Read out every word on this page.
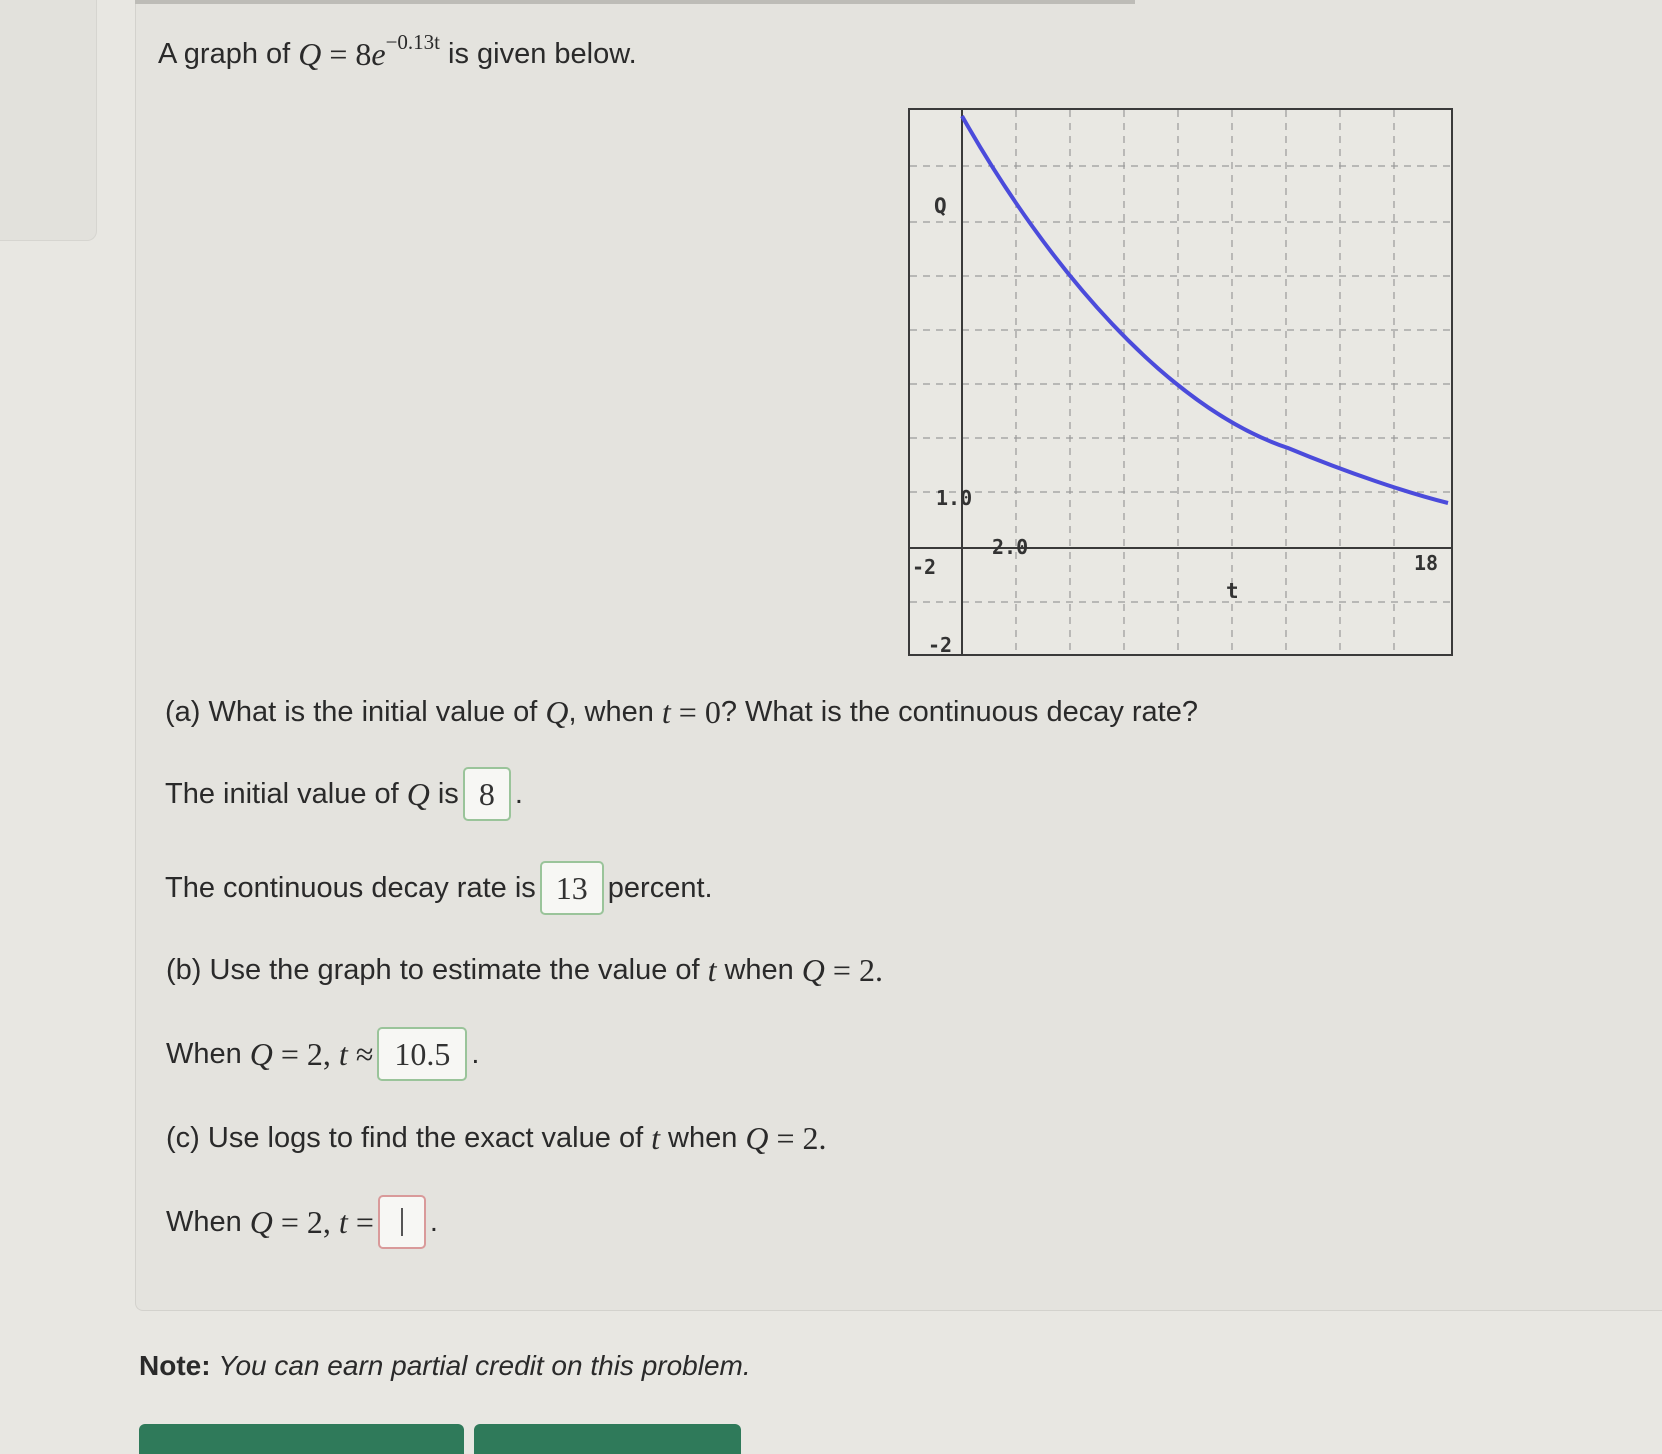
A graph of Q = 8 e −0.13t is given below.
Q
t
1.0
-2
-2
2.0
18
(a) What is the initial value of Q , when t = 0 ? What is the continuous decay rate?
The initial value of Q is 8 .
The continuous decay rate is 13 percent.
(b) Use the graph to estimate the value of t when Q = 2.
When Q = 2, t ≈ 10.5 .
(c) Use logs to find the exact value of t when Q = 2.
When Q = 2, t = .
Note: You can earn partial credit on this problem.
